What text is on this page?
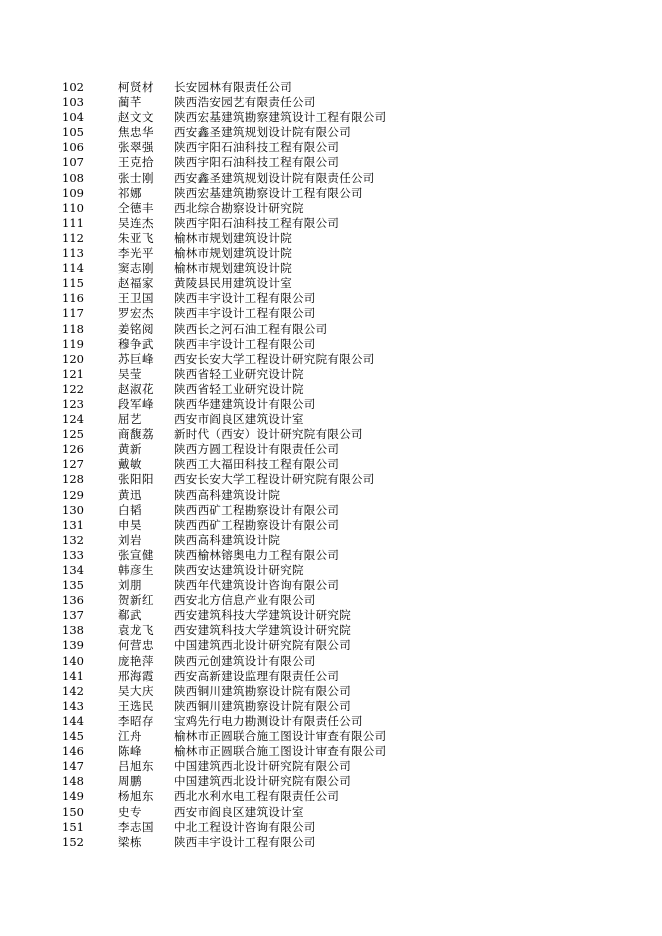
102	柯贤材	长安园林有限责任公司
103	蔺芊	陕西浩安园艺有限责任公司
104	赵文文	陕西宏基建筑勘察建筑设计工程有限公司
105	焦忠华	西安鑫圣建筑规划设计院有限公司
106	张翠强	陕西宇阳石油科技工程有限公司
107	王克拾	陕西宇阳石油科技工程有限公司
108	张士刚	西安鑫圣建筑规划设计院有限责任公司
109	祁娜	陕西宏基建筑勘察设计工程有限公司
110	仝德丰	西北综合勘察设计研究院
111	吴连杰	陕西宇阳石油科技工程有限公司
112	朱亚飞	榆林市规划建筑设计院
113	李光平	榆林市规划建筑设计院
114	窦志刚	榆林市规划建筑设计院
115	赵福家	黄陵县民用建筑设计室
116	王卫国	陕西丰宇设计工程有限公司
117	罗宏杰	陕西丰宇设计工程有限公司
118	姜铭阅	陕西长之河石油工程有限公司
119	穆争武	陕西丰宇设计工程有限公司
120	苏巨峰	西安长安大学工程设计研究院有限公司
121	吴莹	陕西省轻工业研究设计院
122	赵淑花	陕西省轻工业研究设计院
123	段军峰	陕西华建建筑设计有限公司
124	屈艺	西安市阎良区建筑设计室
125	商馥荔	新时代（西安）设计研究院有限公司
126	黄新	陕西方圆工程设计有限责任公司
127	戴敏	陕西工大福田科技工程有限公司
128	张阳阳	西安长安大学工程设计研究院有限公司
129	黄迅	陕西高科建筑设计院
130	白韬	陕西西矿工程勘察设计有限公司
131	申昊	陕西西矿工程勘察设计有限公司
132	刘岩	陕西高科建筑设计院
133	张宣健	陕西榆林镕奥电力工程有限公司
134	韩彦生	陕西安达建筑设计研究院
135	刘朋	陕西年代建筑设计咨询有限公司
136	贺新红	西安北方信息产业有限公司
137	郗武	西安建筑科技大学建筑设计研究院
138	袁龙飞	西安建筑科技大学建筑设计研究院
139	何营忠	中国建筑西北设计研究院有限公司
140	庞艳萍	陕西元创建筑设计有限公司
141	邢海霞	西安高新建设监理有限责任公司
142	吴大庆	陕西铜川建筑勘察设计院有限公司
143	王选民	陕西铜川建筑勘察设计院有限公司
144	李昭存	宝鸡先行电力勘测设计有限责任公司
145	江舟	榆林市正圆联合施工图设计审查有限公司
146	陈峰	榆林市正圆联合施工图设计审查有限公司
147	吕旭东	中国建筑西北设计研究院有限公司
148	周鹏	中国建筑西北设计研究院有限公司
149	杨旭东	西北水利水电工程有限责任公司
150	史专	西安市阎良区建筑设计室
151	李志国	中北工程设计咨询有限公司
152	梁栋	陕西丰宇设计工程有限公司
